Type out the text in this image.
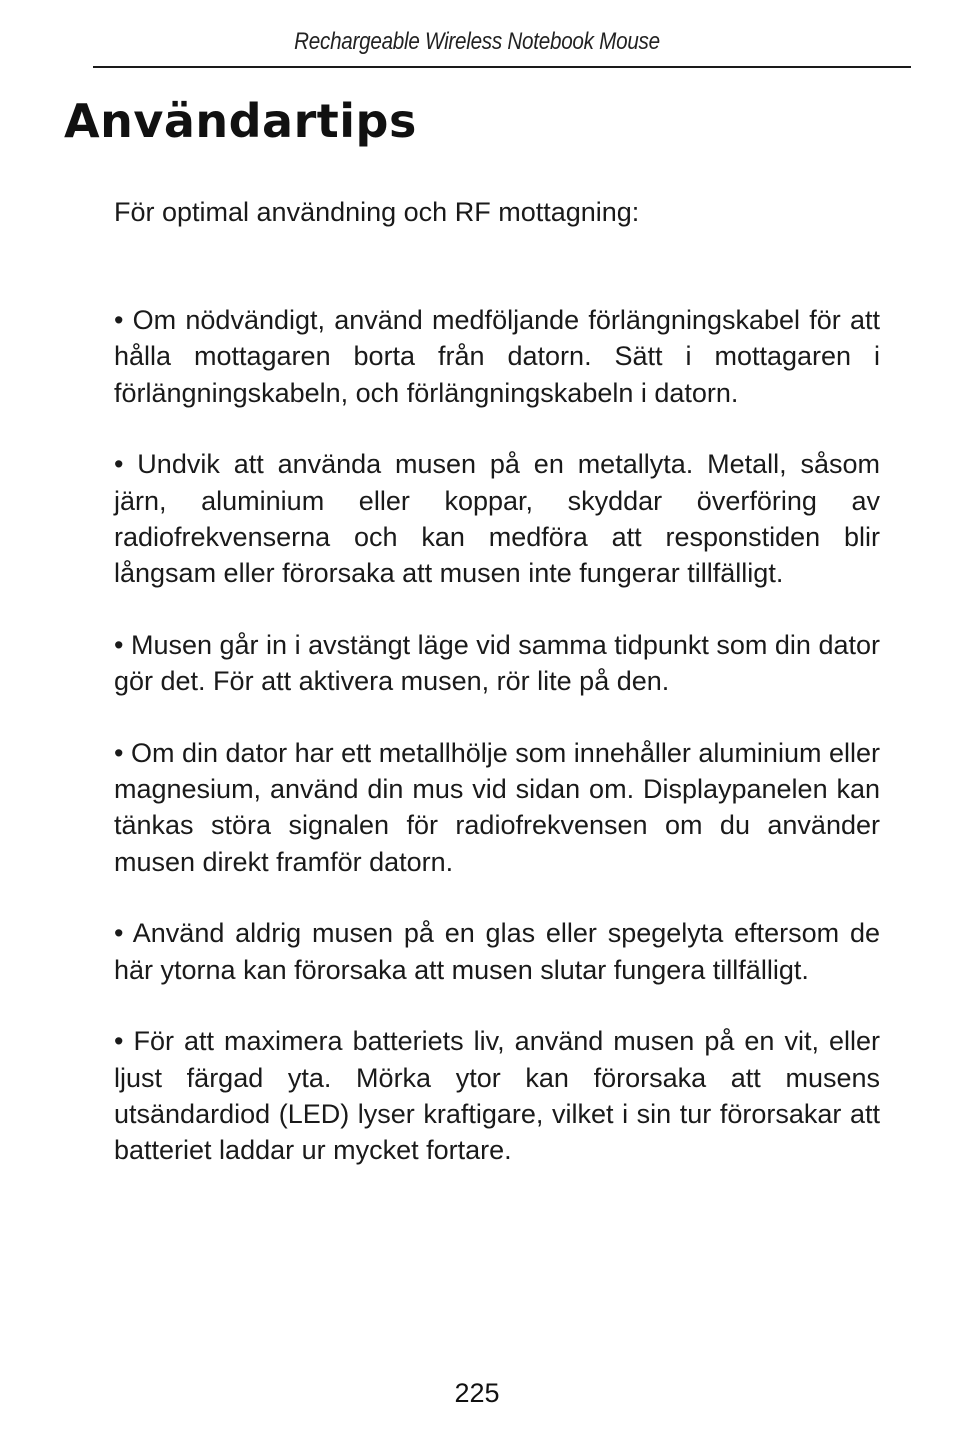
Rechargeable Wireless Notebook Mouse
Användartips

För optimal användning och RF mottagning:

• Om nödvändigt, använd medföljande förlängningskabel för att hålla mottagaren borta från datorn. Sätt i mottagaren i förlängningskabeln, och förlängningskabeln i datorn.
• Undvik att använda musen på en metallyta. Metall, såsom järn, aluminium eller koppar, skyddar överföring av radiofrekvenserna och kan medföra att responstiden blir långsam eller förorsaka att musen inte fungerar tillfälligt.
• Musen går in i avstängt läge vid samma tidpunkt som din dator gör det. För att aktivera musen, rör lite på den.
• Om din dator har ett metallhölje som innehåller aluminium eller magnesium, använd din mus vid sidan om. Displaypanelen kan tänkas störa signalen för radiofrekvensen om du använder musen direkt framför datorn.
• Använd aldrig musen på en glas eller spegelyta eftersom de här ytorna kan förorsaka att musen slutar fungera tillfälligt.
• För att maximera batteriets liv, använd musen på en vit, eller ljust färgad yta. Mörka ytor kan förorsaka att musens utsändardiod (LED) lyser kraftigare, vilket i sin tur förorsakar att batteriet laddar ur mycket fortare.
225
